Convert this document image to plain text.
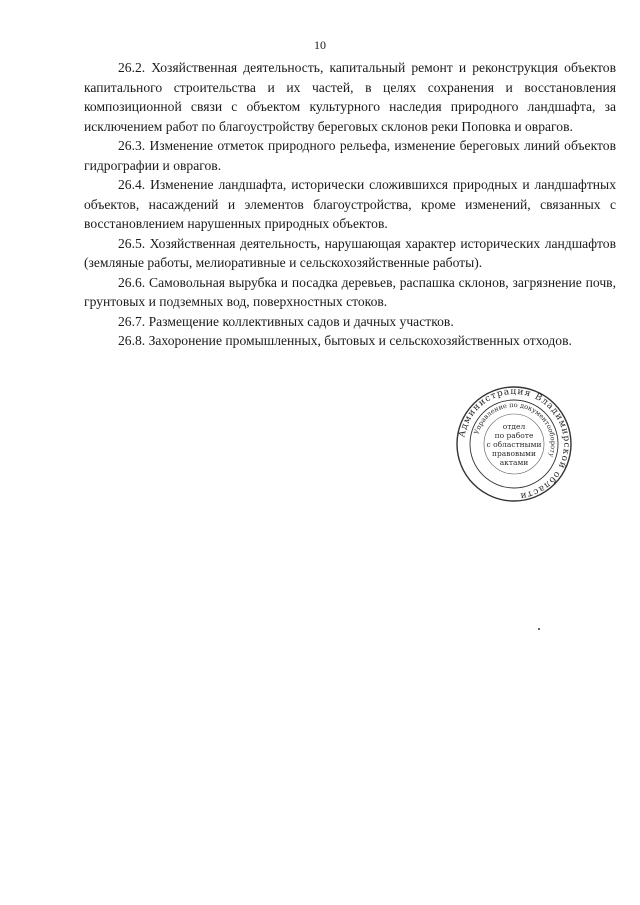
10

26.2. Хозяйственная деятельность, капитальный ремонт и реконструкция объектов капитального строительства и их частей, в целях сохранения и восстановления композиционной связи с объектом культурного наследия природного ландшафта, за исключением работ по благоустройству береговых склонов реки Поповка и оврагов.

26.3. Изменение отметок природного рельефа, изменение береговых линий объектов гидрографии и оврагов.

26.4. Изменение ландшафта, исторически сложившихся природных и ландшафтных объектов, насаждений и элементов благоустройства, кроме изменений, связанных с восстановлением нарушенных природных объектов.

26.5. Хозяйственная деятельность, нарушающая характер исторических ландшафтов (земляные работы, мелиоративные и сельскохозяйственные работы).

26.6. Самовольная вырубка и посадка деревьев, распашка склонов, загрязнение почв, грунтовых и подземных вод, поверхностных стоков.

26.7. Размещение коллективных садов и дачных участков.

26.8. Захоронение промышленных, бытовых и сельскохозяйственных отходов.

Администрация Владимирской области
Управление по документообороту
отдел
по работе
с областными
правовыми
актами
